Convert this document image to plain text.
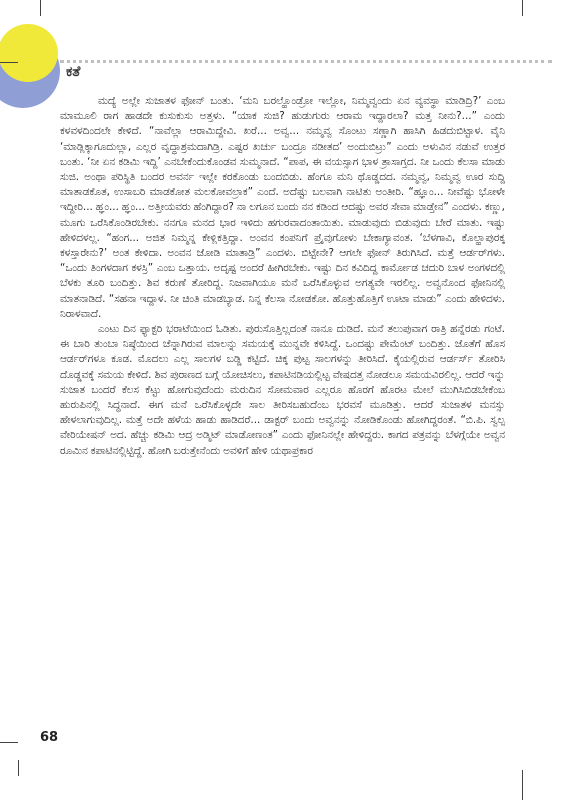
ಕತೆ

ಮದ್ಯೆ ಅಲ್ಲೇ ಸುಜಾತಳ ಫೋನ್ ಬಂತು. ‘ಮನಿ ಬರಲ್ಹೊಂಡ್ರೋ ಇಲ್ಲೋ, ನಿಮ್ಮವ್ವಂದು ಏನ ವ್ಯವಸ್ಥಾ ಮಾಡಿದ್ರಿ?’ ಎಂಬ ಮಾಮೂಲಿ ರಾಗ ಹಾಡದೇ ಕುಸುಕುಸು ಅತ್ತಳು. “ಯಾಕ ಸುಜಿ? ಹುಡುಗುರು ಆರಾಮ ಇದ್ದಾರಲಾ? ಮತ್ತ ನೀನು?...” ಎಂದು ಕಳವಳದಿಂದಲೇ ಕೇಳಿದೆ. “ನಾವೆಲ್ಲಾ ಆರಾಮಿದ್ದೇವಿ. ಖರೆ... ಅವ್ವ... ನಮ್ಮವ್ವ ಸೊಂಟು ಸಣ್ಣಾಗಿ ಹಾಸಿಗಿ ಹಿಡದುಬಿಟ್ಟಾಳ. ವೈನಿ ‘ಮಾಡ್ಲಿಕ್ಕಾಗೂದುಲ್ಲಾ, ಎಲ್ಲರ ವೃದ್ಧಾಶ್ರಮದಾಗಿಡ್ರಿ. ಎಷ್ಟರ ಖರ್ಚು ಬಂದ್ರೂ ನಡೀತದ’ ಅಂದುಬಿಟ್ರು” ಎಂದು ಅಳುವಿನ ನಡುವೆ ಉತ್ತರ ಬಂತು. ‘ನೀ ಏನ ಕಡಿಮಿ ಇದ್ದಿ’ ಎನಬೇಕೆಂದುಕೊಂಡವ ಸುಮ್ಮನಾದೆ. “ಪಾಪ, ಈ ವಯಸ್ಸಾಗ ಭಾಳ ತ್ರಾಸಾಗ್ತದ. ನೀ ಒಂದು ಕೆಲಸಾ ಮಾಡು ಸುಜಿ. ಅಂಥಾ ಪರಿಸ್ಥಿತಿ ಬಂದರ ಅವರ್ನ ಇಲ್ಲೇ ಕರಕೊಂಡು ಬಂದಬಿಡು. ಹೆಂಗೂ ಮನಿ ಥೊಡ್ಡದದ. ನಮ್ಮವ್ವ, ನಿಮ್ಮವ್ವ ಊರ ಸುದ್ದಿ ಮಾತಾಡಕೊತ, ಉಸಾಬರಿ ಮಾಡಕೋತ ಮಲಕೋವಲ್ರಾಕ” ಎಂದೆ. ಅದೆಷ್ಟು ಬಲವಾಗಿ ನಾಟಿತು ಅಂತೀರಿ. “ಹ್ಞೂಂ... ನೀವೆಷ್ಟು ಭೋಳೇ ಇದ್ದೀರಿ... ಹ್ಞಂ... ಹ್ಞಂ... ಅತ್ತೀಯವರು ಹೆಂಗಿದ್ದಾರ? ನಾ ಲಗೂನ ಬಂದು ನನ ಕಡಿಂದ ಆದಷ್ಟು ಅವರ ಸೇವಾ ಮಾಡ್ತೇನ” ಎಂದಳು. ಕಣ್ಣು, ಮೂಗು ಒರೆಸಿಕೊಂಡಿರಬೇಕು. ನನಗೂ ಮನದ ಭಾರ ಇಳಿದು ಹಗುರವಾದಂತಾಯಿತು. ಮಾಡುವುದು ಬಿಡುವುದು ಬೇರೆ ಮಾತು. ಇಷ್ಟು ಹೇಳಿದಳಲ್ಲ. “ಹಂಗ... ಅಜಿತ ನಿಮ್ಮನ್ನ ಕೇಳ್ಲಿಕತ್ತಿದ್ದಾ. ಅಂವನ ಕಂಪನಿಗೆ ಪ್ರೈವುಗೋಳು ಬೇಕಾಗ್ಯಾವಂತ. ‘ಬೆಳಗಾವಿ, ಕೊಲ್ಹಾಪುರಕ್ಕ ಕಳಸ್ತಾರೇನು?’ ಅಂತ ಕೇಳಿದಾ. ಅಂವನ ಜೋಡಿ ಮಾತಾಡ್ರಿ” ಎಂದಳು. ಬಿಟ್ಟೇನೇ? ಆಗಲೇ ಫೋನ್ ತಿರುಗಿಸಿದೆ. ಮತ್ತೆ ಆರ್ಡರ್‌ಗಳು. “ಒಂದು ತಿಂಗಳದಾಗ ಕಳಸ್ರಿ” ಎಂಬ ಒತ್ತಾಯ. ಅದೃಷ್ಟ ಅಂದರೆ ಹೀಗಿರಬೇಕು. ಇಷ್ಟು ದಿನ ಕವಿದಿದ್ದ ಕಾರ್ಮೋಡ ಚದುರಿ ಬಾಳ ಅಂಗಳದಲ್ಲಿ ಬೆಳಕು ತೂರಿ ಬಂದಿತ್ತು. ಶಿವ ಕರುಣೆ ತೋರಿದ್ದ. ನಿಜವಾಗಿಯೂ ಮನೆ ಒರೆಸಿಕೊಳ್ಳುವ ಅಗತ್ಯವೇ ಇರಲಿಲ್ಲ. ಅವ್ವನೊಂದ ಫೋನಿನಲ್ಲಿ ಮಾತನಾಡಿದೆ. “ಸಹನಾ ಇದ್ದಾಳ. ನೀ ಚಿಂತಿ ಮಾಡಬ್ಯಾಡ. ನಿನ್ನ ಕೆಲಸಾ ನೋಡಕೋ. ಹೊತ್ತುಹೊತ್ತಿಗೆ ಊಟಾ ಮಾಡು” ಎಂದು ಹೇಳಿದಳು. ನಿರಾಳವಾದೆ.

ಎಂಟು ದಿನ ಫ್ಯಾಕ್ಟರಿ ಭರಾಟೆಯಿಂದ ಓಡಿತು. ಪುರುಸೊತ್ತಿಲ್ಲದಂತೆ ನಾನೂ ದುಡಿದೆ. ಮನೆ ತಲುಪುವಾಗ ರಾತ್ರಿ ಹನ್ನೆರಡು ಗಂಟೆ. ಈ ಬಾರಿ ತುಂಬಾ ನಿಷ್ಠೆಯಿಂದ ಚೆನ್ನಾಗಿರುವ ಮಾಲನ್ನು ಸಮಯಕ್ಕೆ ಮುನ್ನವೇ ಕಳಿಸಿದ್ದೆ. ಒಂದಷ್ಟು ಪೇಮೆಂಟ್ ಬಂದಿತ್ತು. ಜೊತೆಗೆ ಹೊಸ ಆರ್ಡರ್‌ಗಳೂ ಕೂಡ. ಮೊದಲು ಎಲ್ಲ ಸಾಲಗಳ ಬಡ್ಡಿ ಕಟ್ಟಿದೆ. ಚಿಕ್ಕ ಪುಟ್ಟ ಸಾಲಗಳನ್ನು ತೀರಿಸಿದೆ. ಕೈಯಲ್ಲಿರುವ ಆರ್ಡರ್ಸ್ ತೋರಿಸಿ ದೊಡ್ಡವಕ್ಕೆ ಸಮಯ ಕೇಳಿದೆ. ಶಿವ ಪುರಾಣದ ಬಗ್ಗೆ ಯೋಚಿಸಲು, ಕಪಾಟಿನಡಿಯಲ್ಲಿಟ್ಟ ವೇಷದತ್ತ ನೋಡಲೂ ಸಮಯವಿರಲಿಲ್ಲ. ಆದರೆ ಇನ್ನು ಸುಜಾತ ಬಂದರೆ ಕೆಲಸ ಕೆಟ್ಟು ಹೋಗುವುದೆಂದು ಮರುದಿನ ಸೋಮವಾರ ಎಲ್ಲರೂ ಹೊರಗೆ ಹೊರಟ ಮೇಲೆ ಮುಗಿಸಿಬಿಡಬೇಕೆಂಬ ಹುರುಪಿನಲ್ಲಿ ಸಿದ್ಧನಾದೆ. ಈಗ ಮನೆ ಒರೆಸಿಕೊಳ್ಳದೇ ಸಾಲ ತೀರಿಸಬಹುದೆಂಬ ಭರವಸೆ ಮೂಡಿತ್ತು. ಆದರೆ ಸುಜಾತಳ ಮನಸ್ಸು ಹೇಳಲಾಗುವುದಿಲ್ಲ. ಮತ್ತೆ ಅದೇ ಹಳೆಯ ಹಾಡು ಹಾಡಿದರೆ... ಡಾಕ್ಟರ್ ಬಂದು ಅವ್ವನನ್ನು ನೋಡಿಕೊಂಡು ಹೋಗಿದ್ದರಂತೆ. “ಬಿ.ಪಿ. ಸ್ವಲ್ಪ ವೇರಿಯೇಷನ್ ಅದ. ಹೆಚ್ಚು ಕಡಿಮಿ ಆದ್ರ ಅಡ್ಮಿಟ್ ಮಾಡೋಣಂತ” ಎಂದು ಫೋನಿನಲ್ಲೇ ಹೇಳಿದ್ದರು. ಕಾಗದ ಪತ್ರವನ್ನು ಬೆಳಗ್ಗೆಯೇ ಅವ್ವನ ರೂಮಿನ ಕಪಾಟಿನಲ್ಲಿಟ್ಟಿದ್ದೆ. ಹೋಗಿ ಬರುತ್ತೇನೆಂದು ಅವಳಿಗೆ ಹೇಳಿ ಯಥಾಪ್ರಕಾರ

68
